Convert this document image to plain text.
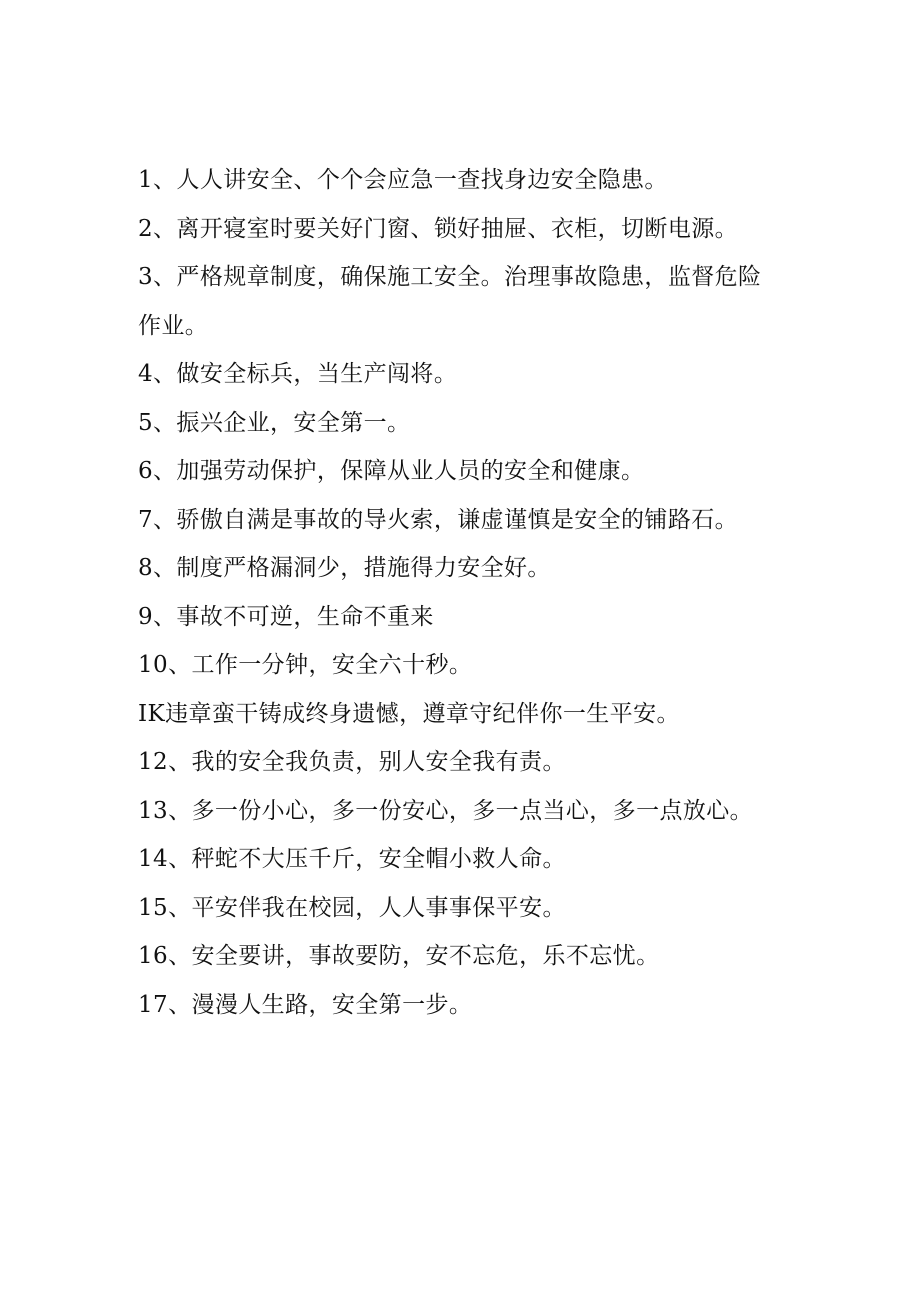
1、人人讲安全、个个会应急一查找身边安全隐患。
2、离开寝室时要关好门窗、锁好抽屉、衣柜，切断电源。
3、严格规章制度，确保施工安全。治理事故隐患，监督危险
作业。
4、做安全标兵，当生产闯将。
5、振兴企业，安全第一。
6、加强劳动保护，保障从业人员的安全和健康。
7、骄傲自满是事故的导火索，谦虚谨慎是安全的铺路石。
8、制度严格漏洞少，措施得力安全好。
9、事故不可逆，生命不重来
10、工作一分钟，安全六十秒。
IK违章蛮干铸成终身遗憾，遵章守纪伴你一生平安。
12、我的安全我负责，别人安全我有责。
13、多一份小心，多一份安心，多一点当心，多一点放心。
14、秤蛇不大压千斤，安全帽小救人命。
15、平安伴我在校园，人人事事保平安。
16、安全要讲，事故要防，安不忘危，乐不忘忧。
17、漫漫人生路，安全第一步。
